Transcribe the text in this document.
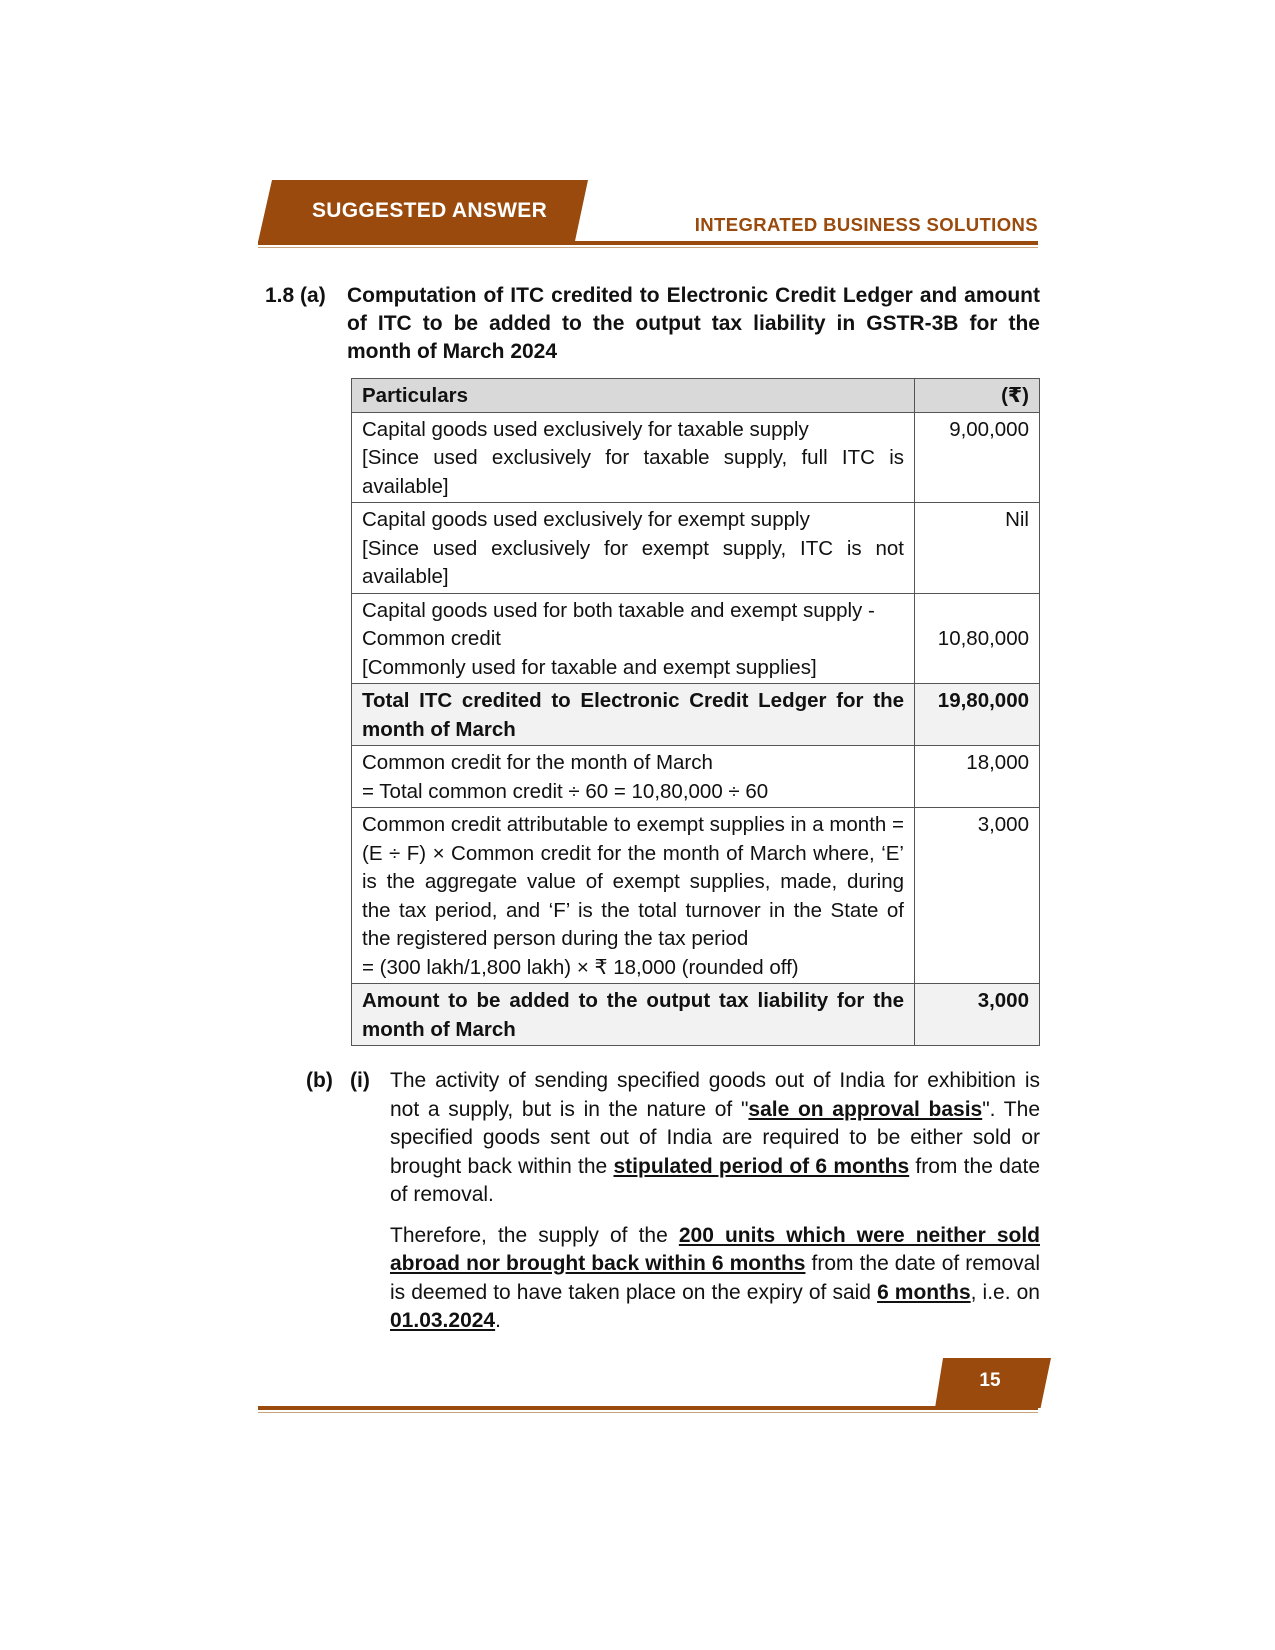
SUGGESTED ANSWER
INTEGRATED BUSINESS SOLUTIONS
1.8 (a)	Computation of ITC credited to Electronic Credit Ledger and amount of ITC to be added to the output tax liability in GSTR-3B for the month of March 2024
Particulars	(₹)

Capital goods used exclusively for taxable supply
[Since used exclusively for taxable supply, full ITC is available]	9,00,000

Capital goods used exclusively for exempt supply
[Since used exclusively for exempt supply, ITC is not available]	Nil

Capital goods used for both taxable and exempt supply - Common credit
[Commonly used for taxable and exempt supplies]	10,80,000
Total ITC credited to Electronic Credit Ledger for the month of March	19,80,000

Common credit for the month of March
= Total common credit ÷ 60 = 10,80,000 ÷ 60	18,000

Common credit attributable to exempt supplies in a month = (E ÷ F) × Common credit for the month of March where, ‘E’ is the aggregate value of exempt supplies, made, during the tax period, and ‘F’ is the total turnover in the State of the registered person during the tax period
= (300 lakh/1,800 lakh) × ₹ 18,000 (rounded off)	3,000
Amount to be added to the output tax liability for the month of March	3,000
(b) (i) The activity of sending specified goods out of India for exhibition is not a supply, but is in the nature of "sale on approval basis". The specified goods sent out of India are required to be either sold or brought back within the stipulated period of 6 months from the date of removal.
Therefore, the supply of the 200 units which were neither sold abroad nor brought back within 6 months from the date of removal is deemed to have taken place on the expiry of said 6 months, i.e. on 01.03.2024.
15
